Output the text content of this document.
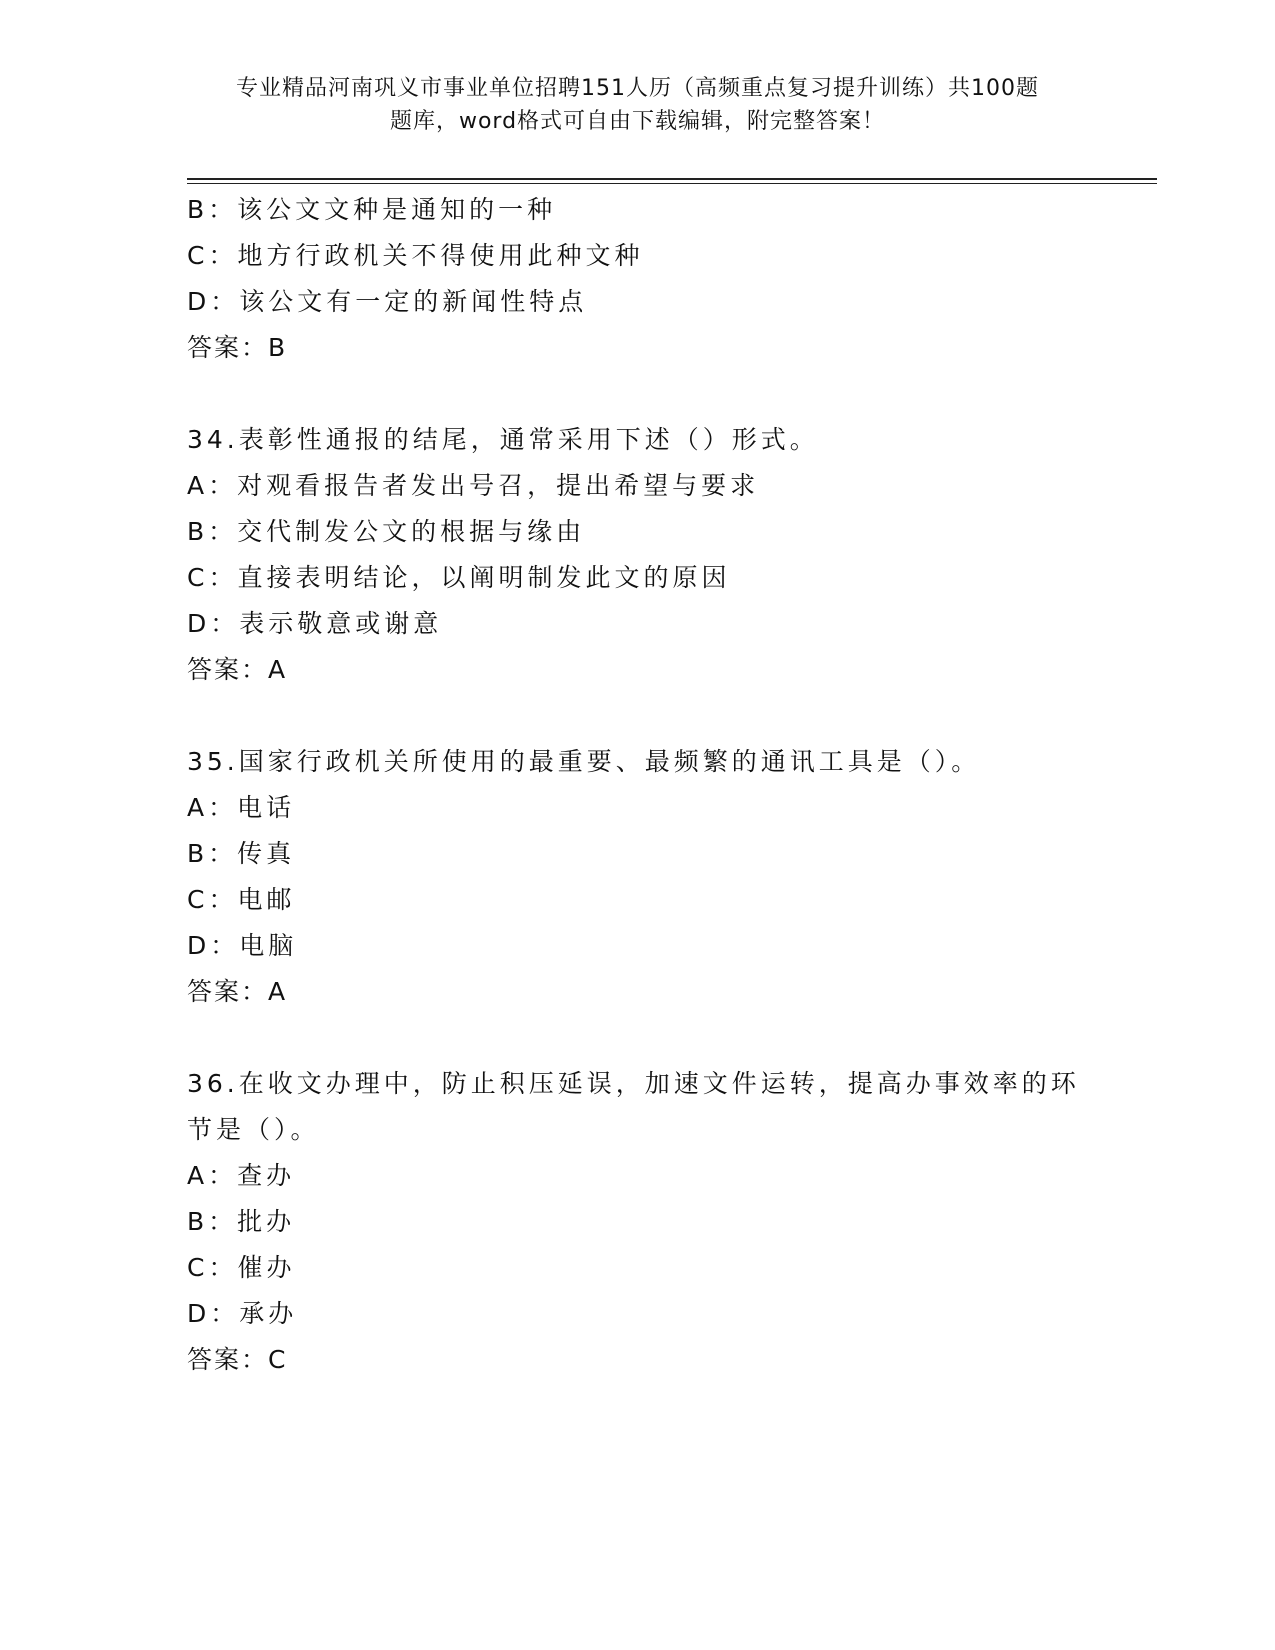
专业精品河南巩义市事业单位招聘151人历（高频重点复习提升训练）共100题
题库，word格式可自由下载编辑，附完整答案！

B：该公文文种是通知的一种

C：地方行政机关不得使用此种文种

D：该公文有一定的新闻性特点

答案：B

34.表彰性通报的结尾，通常采用下述（）形式。

A：对观看报告者发出号召，提出希望与要求

B：交代制发公文的根据与缘由

C：直接表明结论，以阐明制发此文的原因

D：表示敬意或谢意

答案：A

35.国家行政机关所使用的最重要、最频繁的通讯工具是（）。

A：电话

B：传真

C：电邮

D：电脑

答案：A

36.在收文办理中，防止积压延误，加速文件运转，提高办事效率的环

节是（）。

A：查办

B：批办

C：催办

D：承办

答案：C
